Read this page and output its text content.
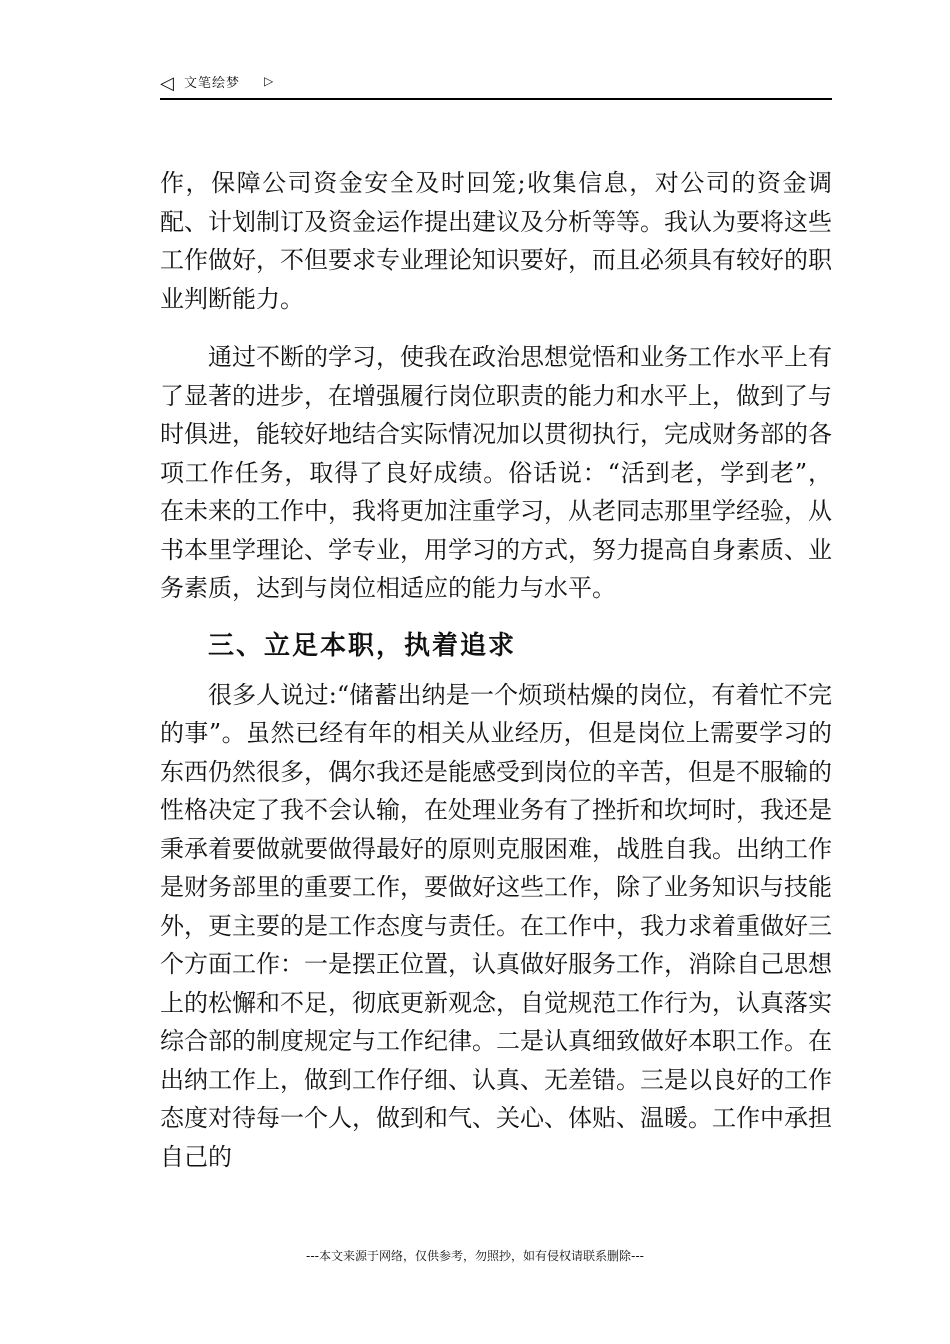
◁ 文笔绘梦 ▷

作，保障公司资金安全及时回笼;收集信息，对公司的资金调配、计划制订及资金运作提出建议及分析等等。我认为要将这些工作做好，不但要求专业理论知识要好，而且必须具有较好的职业判断能力。

通过不断的学习，使我在政治思想觉悟和业务工作水平上有了显著的进步，在增强履行岗位职责的能力和水平上，做到了与时俱进，能较好地结合实际情况加以贯彻执行，完成财务部的各项工作任务，取得了良好成绩。俗话说：“活到老，学到老”，在未来的工作中，我将更加注重学习，从老同志那里学经验，从书本里学理论、学专业，用学习的方式，努力提高自身素质、业务素质，达到与岗位相适应的能力与水平。

三、立足本职，执着追求

很多人说过:“储蓄出纳是一个烦琐枯燥的岗位，有着忙不完的事”。虽然已经有年的相关从业经历，但是岗位上需要学习的东西仍然很多，偶尔我还是能感受到岗位的辛苦，但是不服输的性格决定了我不会认输，在处理业务有了挫折和坎坷时，我还是秉承着要做就要做得最好的原则克服困难，战胜自我。出纳工作是财务部里的重要工作，要做好这些工作，除了业务知识与技能外，更主要的是工作态度与责任。在工作中，我力求着重做好三个方面工作：一是摆正位置，认真做好服务工作，消除自己思想上的松懈和不足，彻底更新观念，自觉规范工作行为，认真落实综合部的制度规定与工作纪律。二是认真细致做好本职工作。在出纳工作上，做到工作仔细、认真、无差错。三是以良好的工作态度对待每一个人，做到和气、关心、体贴、温暖。工作中承担自己的

---本文来源于网络，仅供参考，勿照抄，如有侵权请联系删除---
